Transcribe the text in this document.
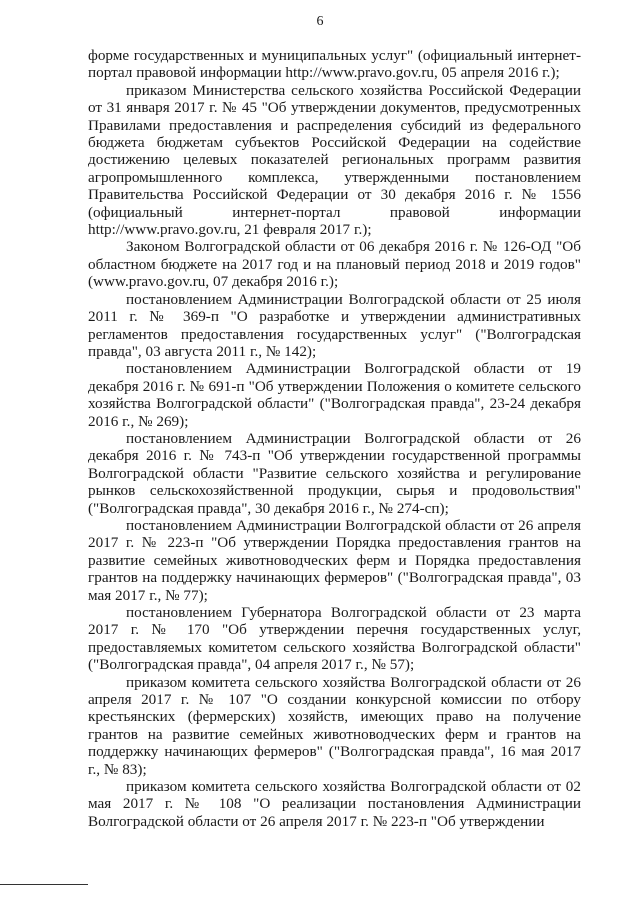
6

форме государственных и муниципальных услуг" (официальный интернет-портал правовой информации http://www.pravo.gov.ru, 05 апреля 2016 г.);

приказом Министерства сельского хозяйства Российской Федерации от 31 января 2017 г. № 45 "Об утверждении документов, предусмотренных Правилами предоставления и распределения субсидий из федерального бюджета бюджетам субъектов Российской Федерации на содействие достижению целевых показателей региональных программ развития агропромышленного комплекса, утвержденными постановлением Правительства Российской Федерации от 30 декабря 2016 г. № 1556 (официальный интернет-портал правовой информации http://www.pravo.gov.ru, 21 февраля 2017 г.);

Законом Волгоградской области от 06 декабря 2016 г. № 126-ОД "Об областном бюджете на 2017 год и на плановый период 2018 и 2019 годов" (www.pravo.gov.ru, 07 декабря 2016 г.);

постановлением Администрации Волгоградской области от 25 июля 2011 г. № 369-п "О разработке и утверждении административных регламентов предоставления государственных услуг" ("Волгоградская правда", 03 августа 2011 г., № 142);

постановлением Администрации Волгоградской области от 19 декабря 2016 г. № 691-п "Об утверждении Положения о комитете сельского хозяйства Волгоградской области" ("Волгоградская правда", 23-24 декабря 2016 г., № 269);

постановлением Администрации Волгоградской области от 26 декабря 2016 г. № 743-п "Об утверждении государственной программы Волгоградской области "Развитие сельского хозяйства и регулирование рынков сельскохозяйственной продукции, сырья и продовольствия" ("Волгоградская правда", 30 декабря 2016 г., № 274-сп);

постановлением Администрации Волгоградской области от 26 апреля 2017 г. № 223-п "Об утверждении Порядка предоставления грантов на развитие семейных животноводческих ферм и Порядка предоставления грантов на поддержку начинающих фермеров" ("Волгоградская правда", 03 мая 2017 г., № 77);

постановлением Губернатора Волгоградской области от 23 марта 2017 г. № 170 "Об утверждении перечня государственных услуг, предоставляемых комитетом сельского хозяйства Волгоградской области" ("Волгоградская правда", 04 апреля 2017 г., № 57);

приказом комитета сельского хозяйства Волгоградской области от 26 апреля 2017 г. № 107 "О создании конкурсной комиссии по отбору крестьянских (фермерских) хозяйств, имеющих право на получение грантов на развитие семейных животноводческих ферм и грантов на поддержку начинающих фермеров" ("Волгоградская правда", 16 мая 2017 г., № 83);

приказом комитета сельского хозяйства Волгоградской области от 02 мая 2017 г. № 108 "О реализации постановления Администрации Волгоградской области от 26 апреля 2017 г. № 223-п "Об утверждении
